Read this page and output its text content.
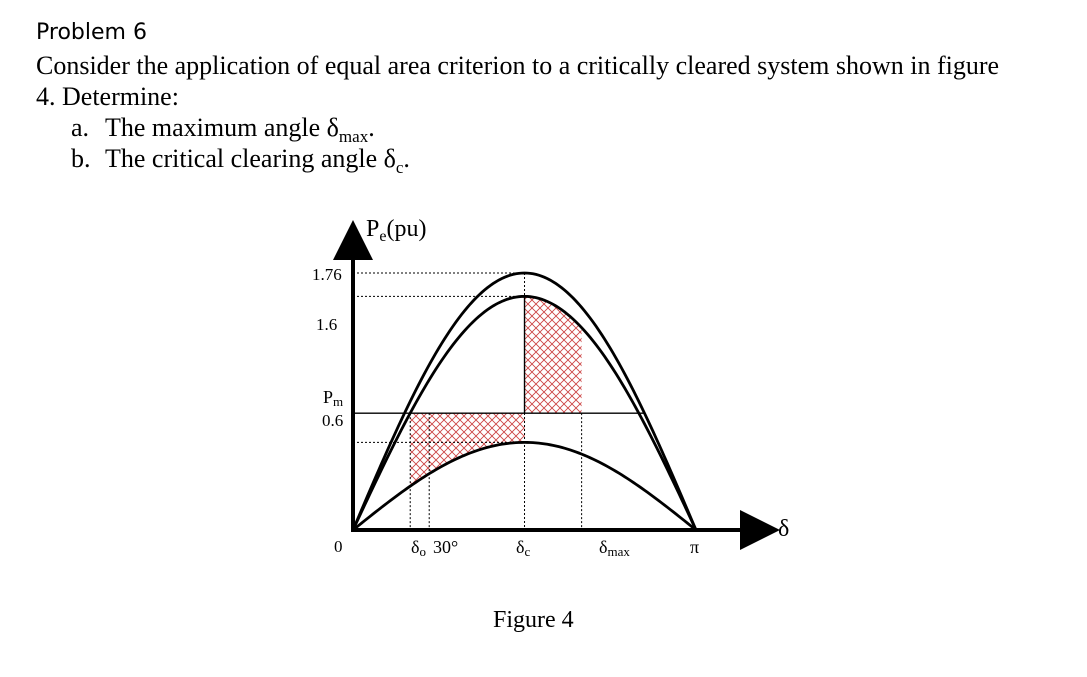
Problem 6
Consider the application of equal area criterion to a critically cleared system shown in figure
4. Determine:
a. The maximum angle $\delta_{max}$.
b. The critical clearing angle $\delta_c$.
$P_e(pu)$
δ
1.76
1.6
Pm
0.6
0	δo 30°	δc	δmax	π
Figure 4
